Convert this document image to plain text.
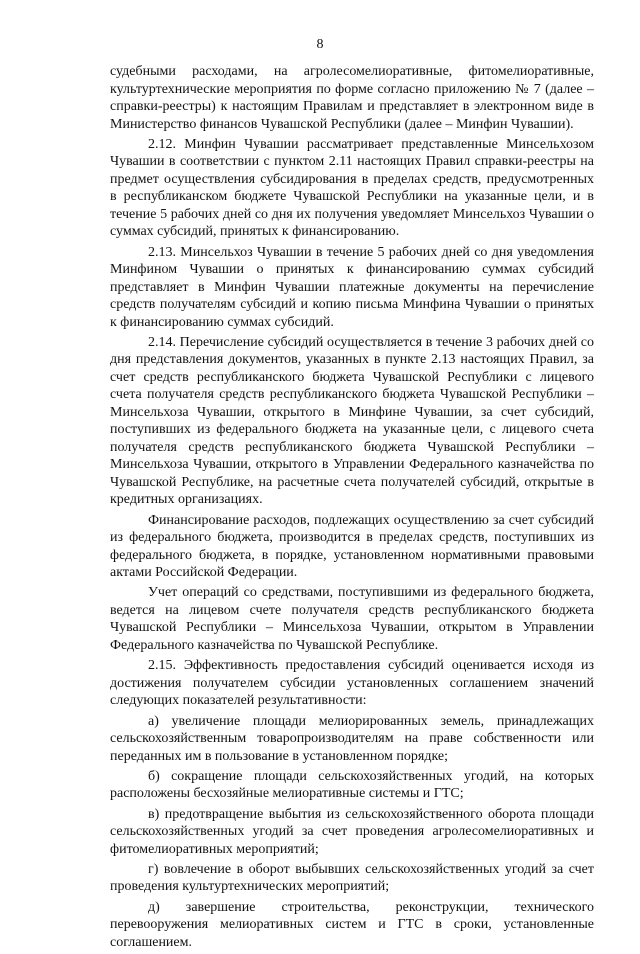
8

судебными расходами, на агролесомелиоративные, фитомелиоративные, культуртехнические мероприятия по форме согласно приложению № 7 (далее – справки-реестры) к настоящим Правилам и представляет в электронном виде в Министерство финансов Чувашской Республики (далее – Минфин Чувашии).

2.12. Минфин Чувашии рассматривает представленные Минсельхозом Чувашии в соответствии с пунктом 2.11 настоящих Правил справки-реестры на предмет осуществления субсидирования в пределах средств, предусмотренных в республиканском бюджете Чувашской Республики на указанные цели, и в течение 5 рабочих дней со дня их получения уведомляет Минсельхоз Чувашии о суммах субсидий, принятых к финансированию.

2.13. Минсельхоз Чувашии в течение 5 рабочих дней со дня уведомления Минфином Чувашии о принятых к финансированию суммах субсидий представляет в Минфин Чувашии платежные документы на перечисление средств получателям субсидий и копию письма Минфина Чувашии о принятых к финансированию суммах субсидий.

2.14. Перечисление субсидий осуществляется в течение 3 рабочих дней со дня представления документов, указанных в пункте 2.13 настоящих Правил, за счет средств республиканского бюджета Чувашской Республики с лицевого счета получателя средств республиканского бюджета Чувашской Республики – Минсельхоза Чувашии, открытого в Минфине Чувашии, за счет субсидий, поступивших из федерального бюджета на указанные цели, с лицевого счета получателя средств республиканского бюджета Чувашской Республики – Минсельхоза Чувашии, открытого в Управлении Федерального казначейства по Чувашской Республике, на расчетные счета получателей субсидий, открытые в кредитных организациях.

Финансирование расходов, подлежащих осуществлению за счет субсидий из федерального бюджета, производится в пределах средств, поступивших из федерального бюджета, в порядке, установленном нормативными правовыми актами Российской Федерации.

Учет операций со средствами, поступившими из федерального бюджета, ведется на лицевом счете получателя средств республиканского бюджета Чувашской Республики – Минсельхоза Чувашии, открытом в Управлении Федерального казначейства по Чувашской Республике.

2.15. Эффективность предоставления субсидий оценивается исходя из достижения получателем субсидии установленных соглашением значений следующих показателей результативности:

а) увеличение площади мелиорированных земель, принадлежащих сельскохозяйственным товаропроизводителям на праве собственности или переданных им в пользование в установленном порядке;

б) сокращение площади сельскохозяйственных угодий, на которых расположены бесхозяйные мелиоративные системы и ГТС;

в) предотвращение выбытия из сельскохозяйственного оборота площади сельскохозяйственных угодий за счет проведения агролесомелиоративных и фитомелиоративных мероприятий;

г) вовлечение в оборот выбывших сельскохозяйственных угодий за счет проведения культуртехнических мероприятий;

д) завершение строительства, реконструкции, технического перевооружения мелиоративных систем и ГТС в сроки, установленные соглашением.
